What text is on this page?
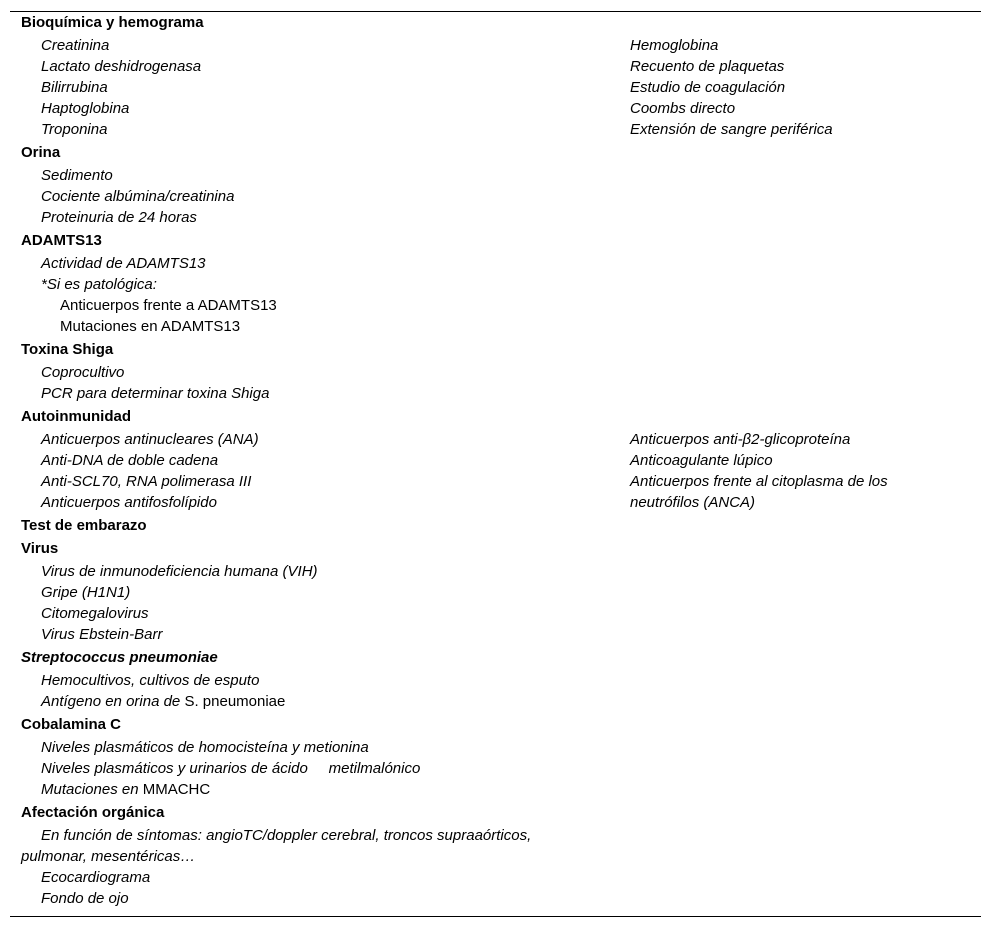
Bioquímica y hemograma
Creatinina
Lactato deshidrogenasa
Bilirrubina
Haptoglobina
Troponina
Hemoglobina
Recuento de plaquetas
Estudio de coagulación
Coombs directo
Extensión de sangre periférica
Orina
Sedimento
Cociente albúmina/creatinina
Proteinuria de 24 horas
ADAMTS13
Actividad de ADAMTS13
*Si es patológica:
Anticuerpos frente a ADAMTS13
Mutaciones en ADAMTS13
Toxina Shiga
Coprocultivo
PCR para determinar toxina Shiga
Autoinmunidad
Anticuerpos antinucleares (ANA)
Anti-DNA de doble cadena
Anti-SCL70, RNA polimerasa III
Anticuerpos antifosfolípido
Anticuerpos anti-β2-glicoproteína
Anticoagulante lúpico
Anticuerpos frente al citoplasma de los
neutrófilos (ANCA)
Test de embarazo
Virus
Virus de inmunodeficiencia humana (VIH)
Gripe (H1N1)
Citomegalovirus
Virus Ebstein-Barr
Streptococcus pneumoniae
Hemocultivos, cultivos de esputo
Antígeno en orina de S. pneumoniae
Cobalamina C
Niveles plasmáticos de homocisteína y metionina
Niveles plasmáticos y urinarios de ácido     metilmalónico
Mutaciones en MMACHC
Afectación orgánica
En función de síntomas: angioTC/doppler cerebral, troncos supraaórticos,
pulmonar, mesentéricas…
Ecocardiograma
Fondo de ojo
